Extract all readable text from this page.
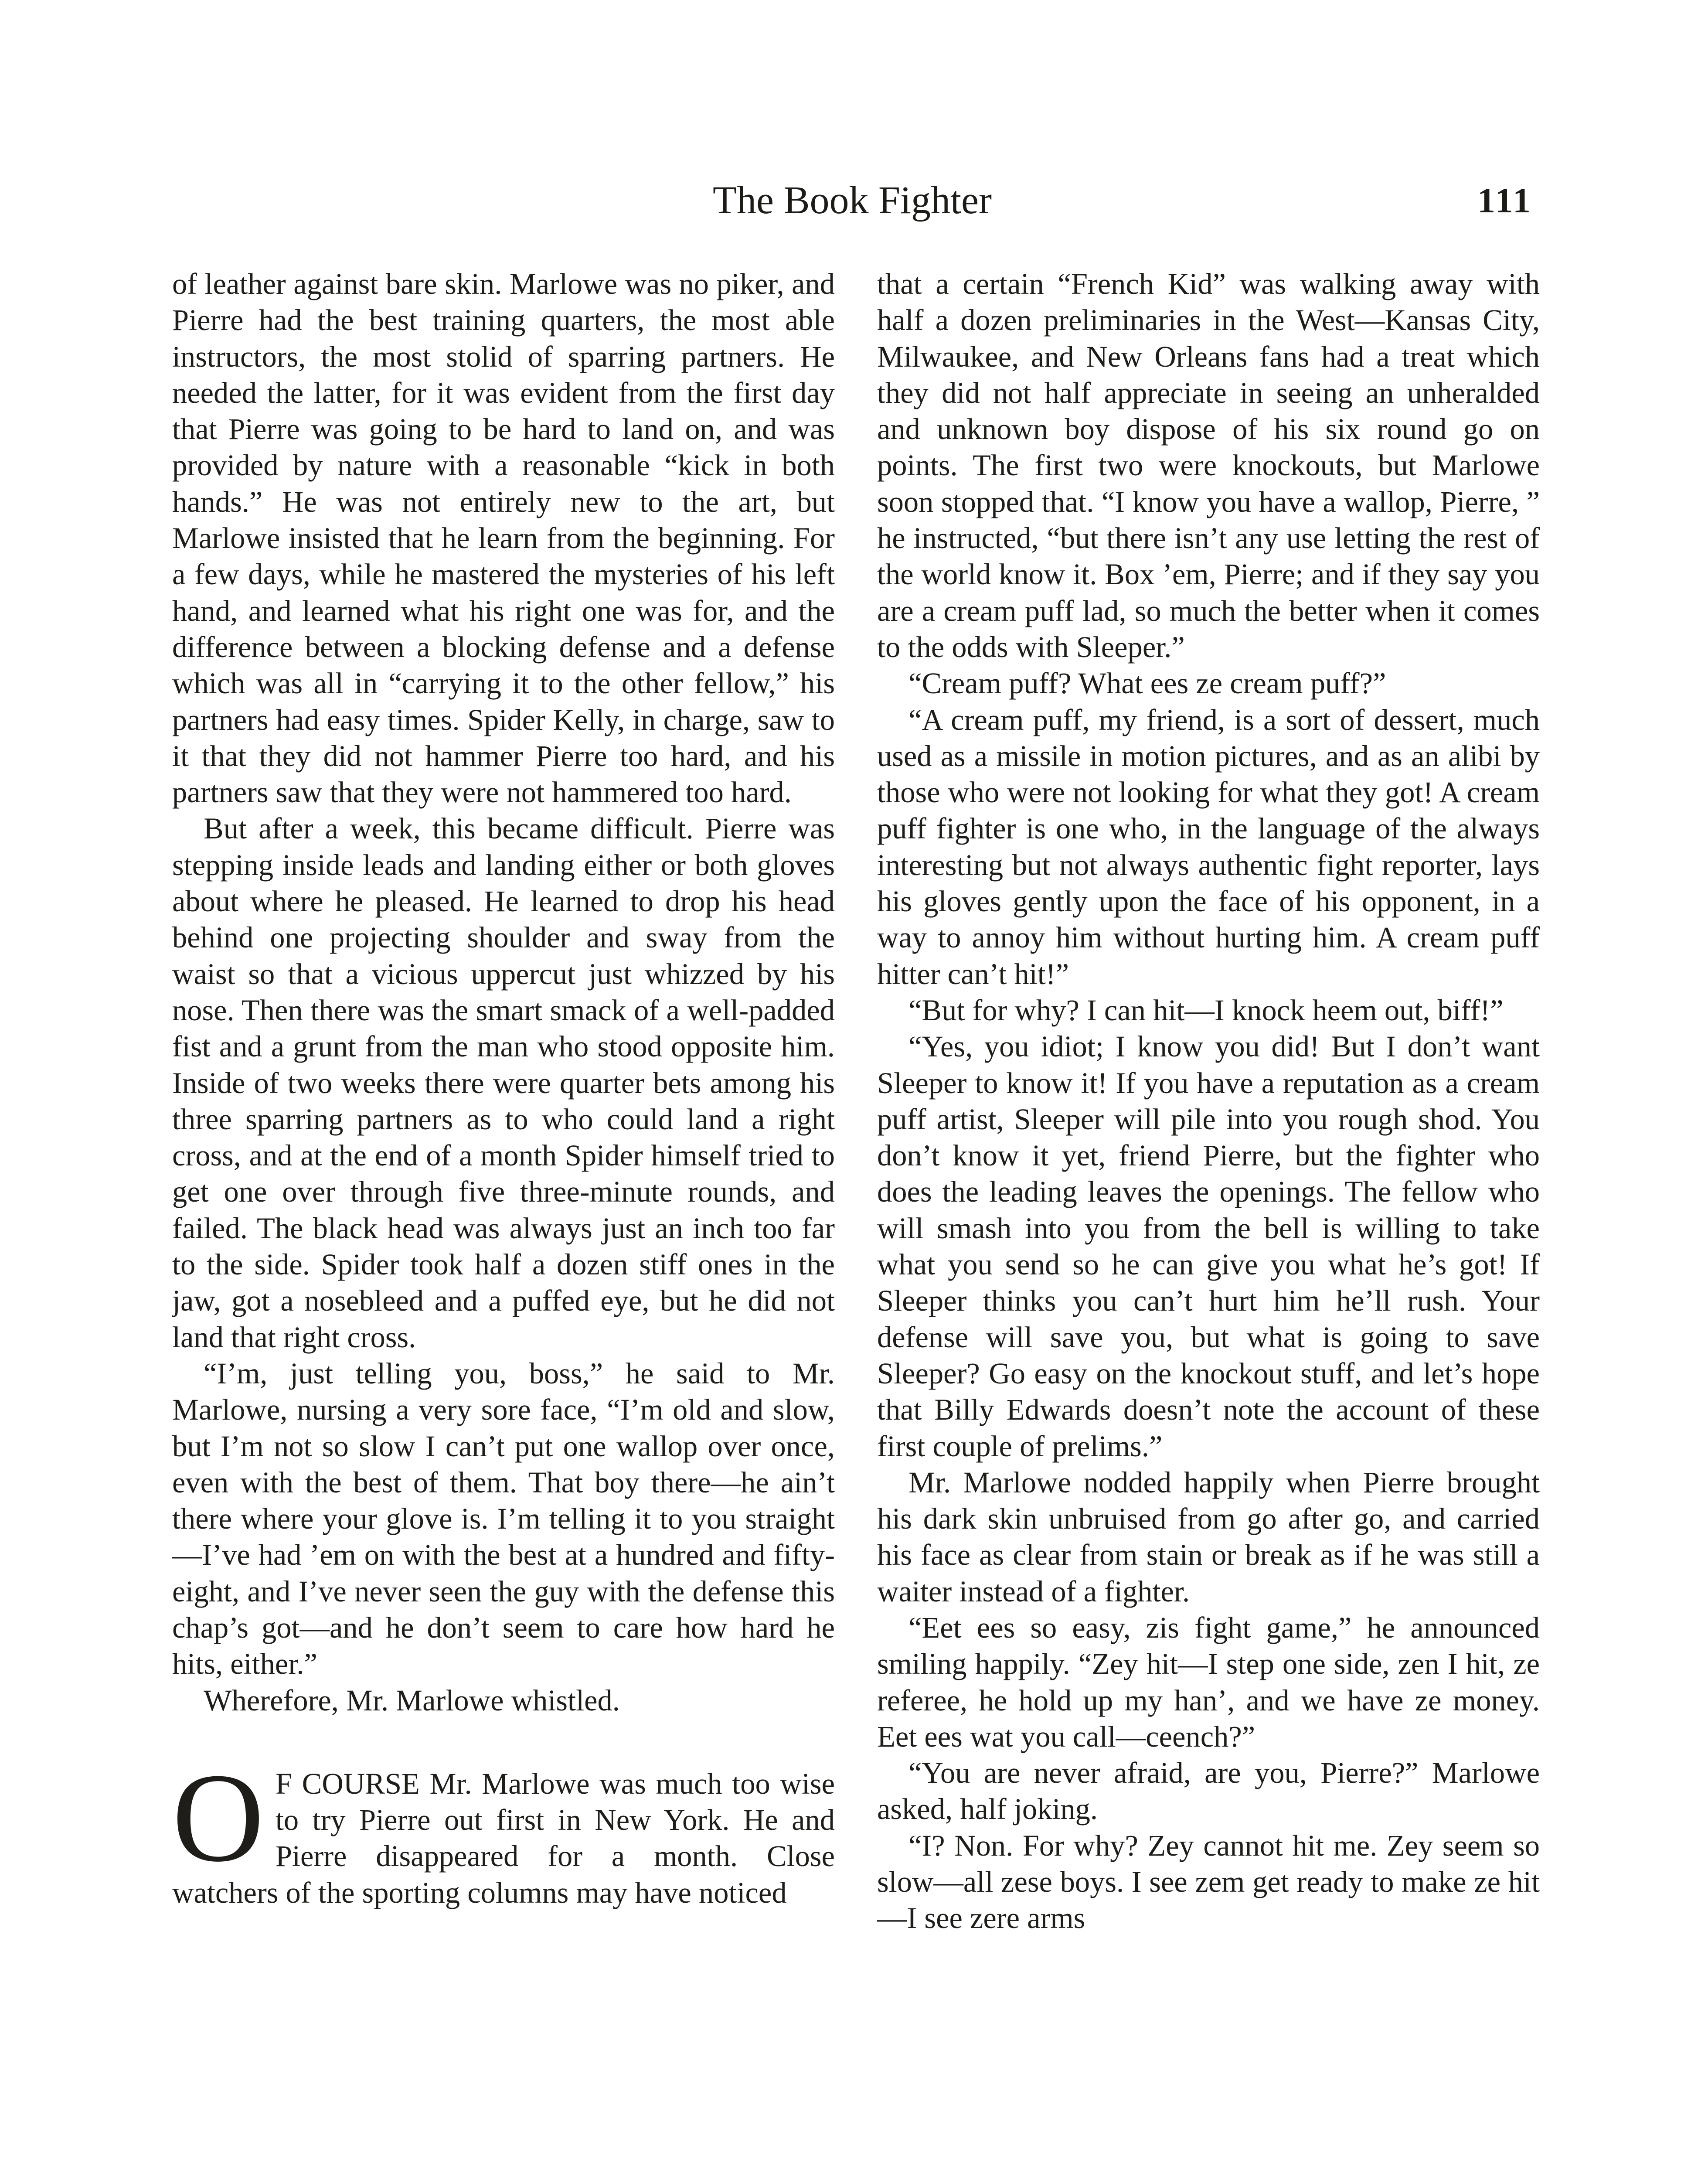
The Book Fighter	111

of leather against bare skin. Marlowe was no piker, and Pierre had the best training quarters, the most able instructors, the most stolid of sparring partners. He needed the latter, for it was evident from the first day that Pierre was going to be hard to land on, and was provided by nature with a reasonable “kick in both hands.” He was not entirely new to the art, but Marlowe insisted that he learn from the beginning. For a few days, while he mastered the mysteries of his left hand, and learned what his right one was for, and the difference between a blocking defense and a defense which was all in “carrying it to the other fellow,” his partners had easy times. Spider Kelly, in charge, saw to it that they did not hammer Pierre too hard, and his partners saw that they were not hammered too hard.

But after a week, this became difficult. Pierre was stepping inside leads and landing either or both gloves about where he pleased. He learned to drop his head behind one projecting shoulder and sway from the waist so that a vicious uppercut just whizzed by his nose. Then there was the smart smack of a well-padded fist and a grunt from the man who stood opposite him. Inside of two weeks there were quarter bets among his three sparring partners as to who could land a right cross, and at the end of a month Spider himself tried to get one over through five three-minute rounds, and failed. The black head was always just an inch too far to the side. Spider took half a dozen stiff ones in the jaw, got a nosebleed and a puffed eye, but he did not land that right cross.

“I’m, just telling you, boss,” he said to Mr. Marlowe, nursing a very sore face, “I’m old and slow, but I’m not so slow I can’t put one wallop over once, even with the best of them. That boy there—he ain’t there where your glove is. I’m telling it to you straight—I’ve had ’em on with the best at a hundred and fifty-eight, and I’ve never seen the guy with the defense this chap’s got—and he don’t seem to care how hard he hits, either.”

Wherefore, Mr. Marlowe whistled.

O F COURSE Mr. Marlowe was much too wise to try Pierre out first in New York. He and Pierre disappeared for a month. Close watchers of the sporting columns may have noticed

that a certain “French Kid” was walking away with half a dozen preliminaries in the West—Kansas City, Milwaukee, and New Orleans fans had a treat which they did not half appreciate in seeing an unheralded and unknown boy dispose of his six round go on points. The first two were knockouts, but Marlowe soon stopped that. “I know you have a wallop, Pierre, ” he instructed, “but there isn’t any use letting the rest of the world know it. Box ’em, Pierre; and if they say you are a cream puff lad, so much the better when it comes to the odds with Sleeper.”

“Cream puff? What ees ze cream puff?”

“A cream puff, my friend, is a sort of dessert, much used as a missile in motion pictures, and as an alibi by those who were not looking for what they got! A cream puff fighter is one who, in the language of the always interesting but not always authentic fight reporter, lays his gloves gently upon the face of his opponent, in a way to annoy him without hurting him. A cream puff hitter can’t hit!”

“But for why? I can hit—I knock heem out, biff!”

“Yes, you idiot; I know you did! But I don’t want Sleeper to know it! If you have a reputation as a cream puff artist, Sleeper will pile into you rough shod. You don’t know it yet, friend Pierre, but the fighter who does the leading leaves the openings. The fellow who will smash into you from the bell is willing to take what you send so he can give you what he’s got! If Sleeper thinks you can’t hurt him he’ll rush. Your defense will save you, but what is going to save Sleeper? Go easy on the knockout stuff, and let’s hope that Billy Edwards doesn’t note the account of these first couple of prelims.”

Mr. Marlowe nodded happily when Pierre brought his dark skin unbruised from go after go, and carried his face as clear from stain or break as if he was still a waiter instead of a fighter.

“Eet ees so easy, zis fight game,” he announced smiling happily. “Zey hit—I step one side, zen I hit, ze referee, he hold up my han’, and we have ze money. Eet ees wat you call—ceench?”

“You are never afraid, are you, Pierre?” Marlowe asked, half joking.

“I? Non. For why? Zey cannot hit me. Zey seem so slow—all zese boys. I see zem get ready to make ze hit—I see zere arms
